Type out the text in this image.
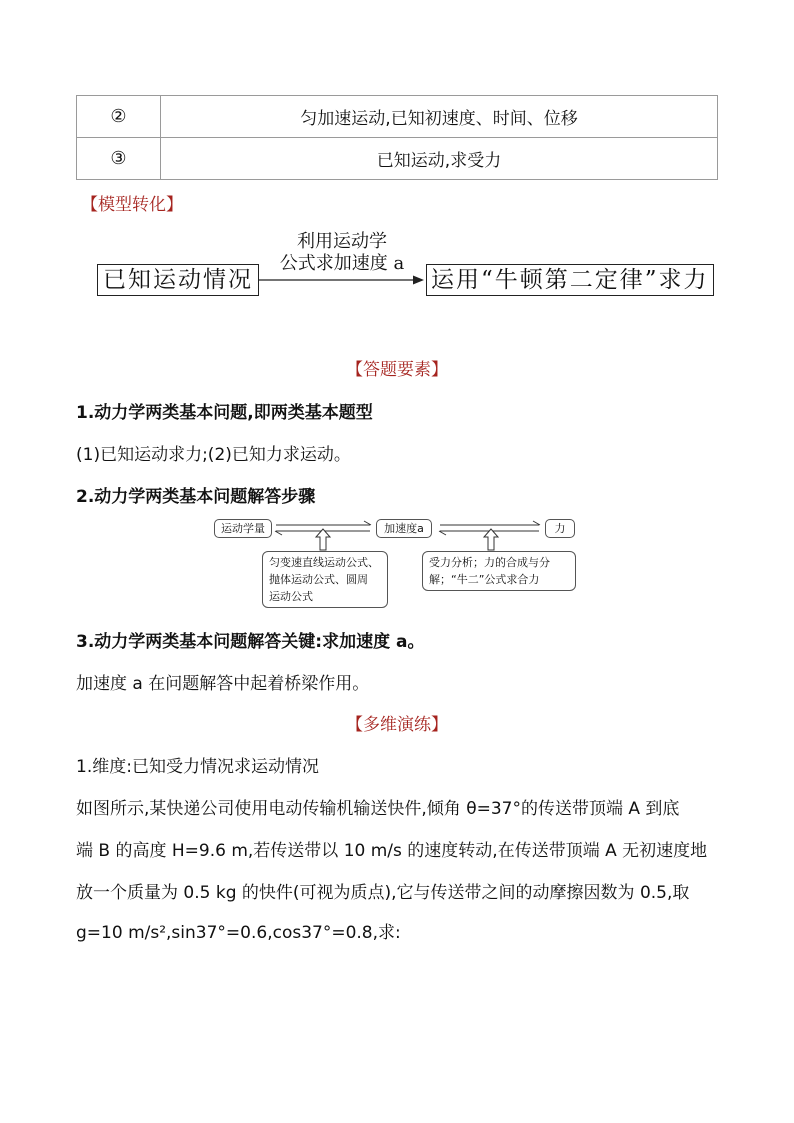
②	匀加速运动,已知初速度、时间、位移
③	已知运动,求受力
【模型转化】
利用运动学
公式求加速度 a
已知运动情况	运用“牛顿第二定律”求力
【答题要素】
1.动力学两类基本问题,即两类基本题型
(1)已知运动求力;(2)已知力求运动。
2.动力学两类基本问题解答步骤
运动学量	加速度a	力
匀变速直线运动公式、
抛体运动公式、圆周
运动公式
受力分析；力的合成与分
解；“牛二”公式求合力
3.动力学两类基本问题解答关键:求加速度 a。
加速度 a 在问题解答中起着桥梁作用。
【多维演练】
1.维度:已知受力情况求运动情况
如图所示,某快递公司使用电动传输机输送快件,倾角 θ=37°的传送带顶端 A 到底
端 B 的高度 H=9.6 m,若传送带以 10 m/s 的速度转动,在传送带顶端 A 无初速度地
放一个质量为 0.5 kg 的快件(可视为质点),它与传送带之间的动摩擦因数为 0.5,取
g=10 m/s²,sin37°=0.6,cos37°=0.8,求:
